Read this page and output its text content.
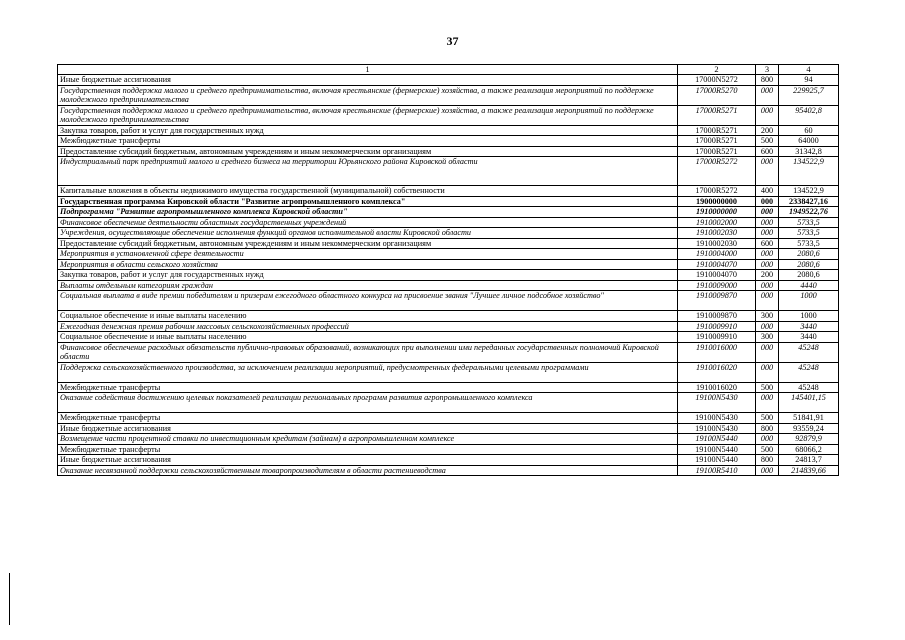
37
1	2	3	4
Иные бюджетные ассигнования	17000N5272	800	94
Государственная поддержка малого и среднего предпринимательства, включая крестьянские (фермерские) хозяйства, а также реализация мероприятий по поддержке молодежного предпринимательства	17000R5270	000	229925,7
Государственная поддержка малого и среднего предпринимательства, включая крестьянские (фермерские) хозяйства, а также реализация мероприятий по поддержке молодежного предпринимательства	17000R5271	000	95402,8
Закупка товаров, работ и услуг для государственных нужд	17000R5271	200	60
Межбюджетные трансферты	17000R5271	500	64000
Предоставление субсидий бюджетным, автономным учреждениям и иным некоммерческим организациям	17000R5271	600	31342,8
Индустриальный парк предприятий малого и среднего бизнеса на территории Юрьянского района Кировской области	17000R5272	000	134522,9
Капитальные вложения в объекты недвижимого имущества государственной (муниципальной) собственности	17000R5272	400	134522,9
Государственная программа Кировской области "Развитие агропромышленного комплекса"	1900000000	000	2338427,16
Подпрограмма "Развитие агропромышленного комплекса Кировской области"	1910000000	000	1949522,76
Финансовое обеспечение деятельности областных государственных учреждений	1910002000	000	5733,5
Учреждения, осуществляющие обеспечение исполнения функций органов исполнительной власти Кировской области	1910002030	000	5733,5
Предоставление субсидий бюджетным, автономным учреждениям и иным некоммерческим организациям	1910002030	600	5733,5
Мероприятия в установленной сфере деятельности	1910004000	000	2080,6
Мероприятия в области сельского хозяйства	1910004070	000	2080,6
Закупка товаров, работ и услуг для государственных нужд	1910004070	200	2080,6
Выплаты отдельным категориям граждан	1910009000	000	4440
Социальная выплата в виде премии победителям и призерам ежегодного областного конкурса на присвоение звания "Лучшее личное подсобное хозяйство"	1910009870	000	1000
Социальное обеспечение и иные выплаты населению	1910009870	300	1000
Ежегодная денежная премия рабочим массовых сельскохозяйственных профессий	1910009910	000	3440
Социальное обеспечение и иные выплаты населению	1910009910	300	3440
Финансовое обеспечение расходных обязательств публично-правовых образований, возникающих при выполнении ими переданных государственных полномочий Кировской области	1910016000	000	45248
Поддержка сельскохозяйственного производства, за исключением реализации мероприятий, предусмотренных федеральными целевыми программами	1910016020	000	45248
Межбюджетные трансферты	1910016020	500	45248
Оказание содействия достижению целевых показателей реализации региональных программ развития агропромышленного комплекса	19100N5430	000	145401,15
Межбюджетные трансферты	19100N5430	500	51841,91
Иные бюджетные ассигнования	19100N5430	800	93559,24
Возмещение части процентной ставки по инвестиционным кредитам (займам) в агропромышленном комплексе	19100N5440	000	92879,9
Межбюджетные трансферты	19100N5440	500	68066,2
Иные бюджетные ассигнования	19100N5440	800	24813,7
Оказание несвязанной поддержки сельскохозяйственным товаропроизводителям в области растениеводства	19100R5410	000	214839,66
